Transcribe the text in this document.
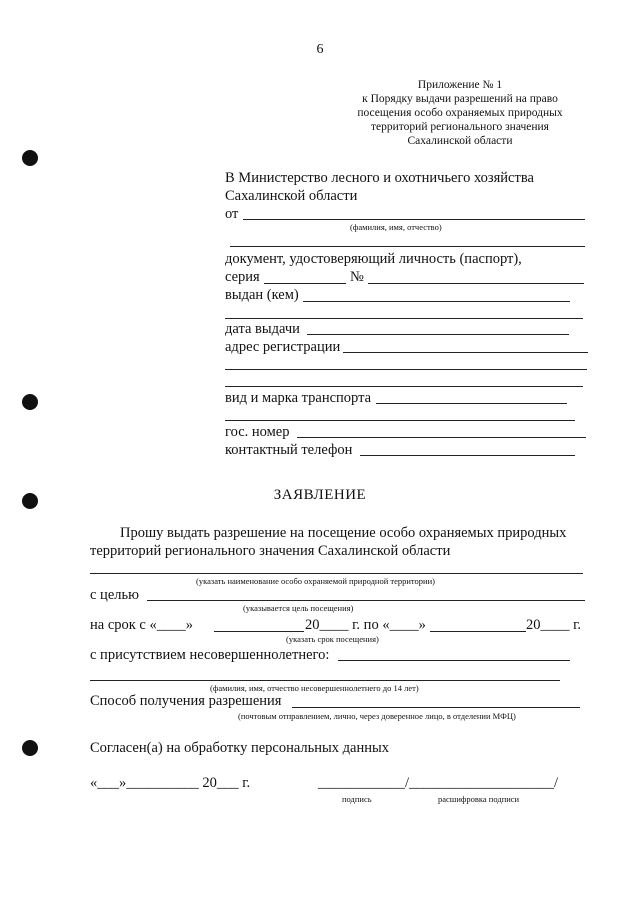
6
Приложение № 1
к Порядку выдачи разрешений на право
посещения особо охраняемых природных
территорий регионального значения
Сахалинской области
В Министерство лесного и охотничьего хозяйства
Сахалинской области
от
(фамилия, имя, отчество)
документ, удостоверяющий личность (паспорт),
серия	№
выдан (кем)
дата выдачи
адрес регистрации
вид и марка транспорта
гос. номер
контактный телефон
ЗАЯВЛЕНИЕ
Прошу выдать разрешение на посещение особо охраняемых природных
территорий регионального значения Сахалинской области
(указать наименование особо охраняемой природной территории)
с целью
(указывается цель посещения)
на срок с «____»	20____ г. по «____»	20____ г.
(указать срок посещения)
с присутствием несовершеннолетнего:
(фамилия, имя, отчество несовершеннолетнего до 14 лет)
Способ получения разрешения
(почтовым отправлением, лично, через доверенное лицо, в отделении МФЦ)
Согласен(а) на обработку персональных данных
«___»__________ 20___ г.	____________/____________________/
подпись	расшифровка подписи
